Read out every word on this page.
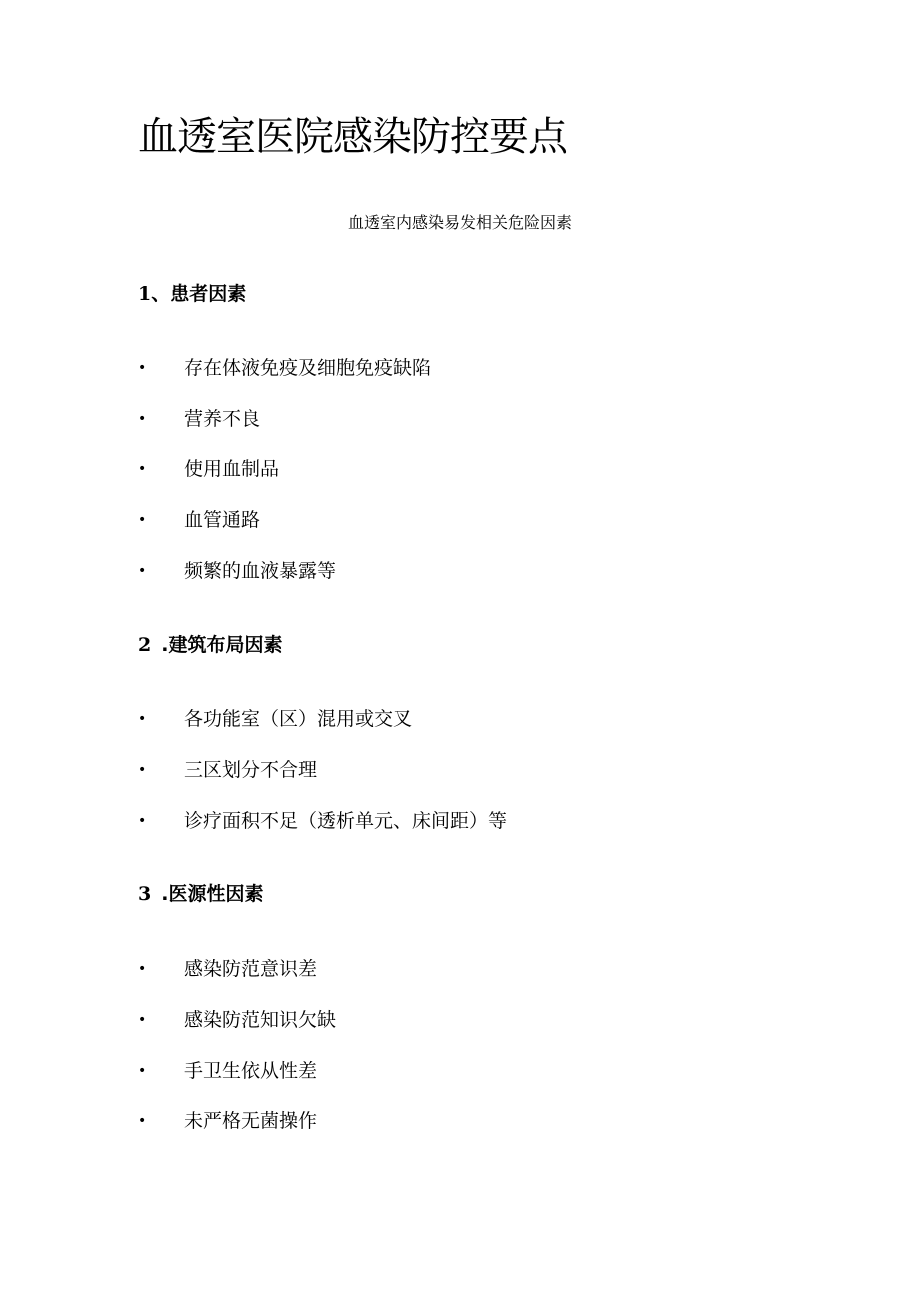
血透室医院感染防控要点
血透室内感染易发相关危险因素
1、患者因素
• 存在体液免疫及细胞免疫缺陷
• 营养不良
• 使用血制品
• 血管通路
• 频繁的血液暴露等
2 .建筑布局因素
• 各功能室（区）混用或交叉
• 三区划分不合理
• 诊疗面积不足（透析单元、床间距）等
3 .医源性因素
• 感染防范意识差
• 感染防范知识欠缺
• 手卫生依从性差
• 未严格无菌操作
